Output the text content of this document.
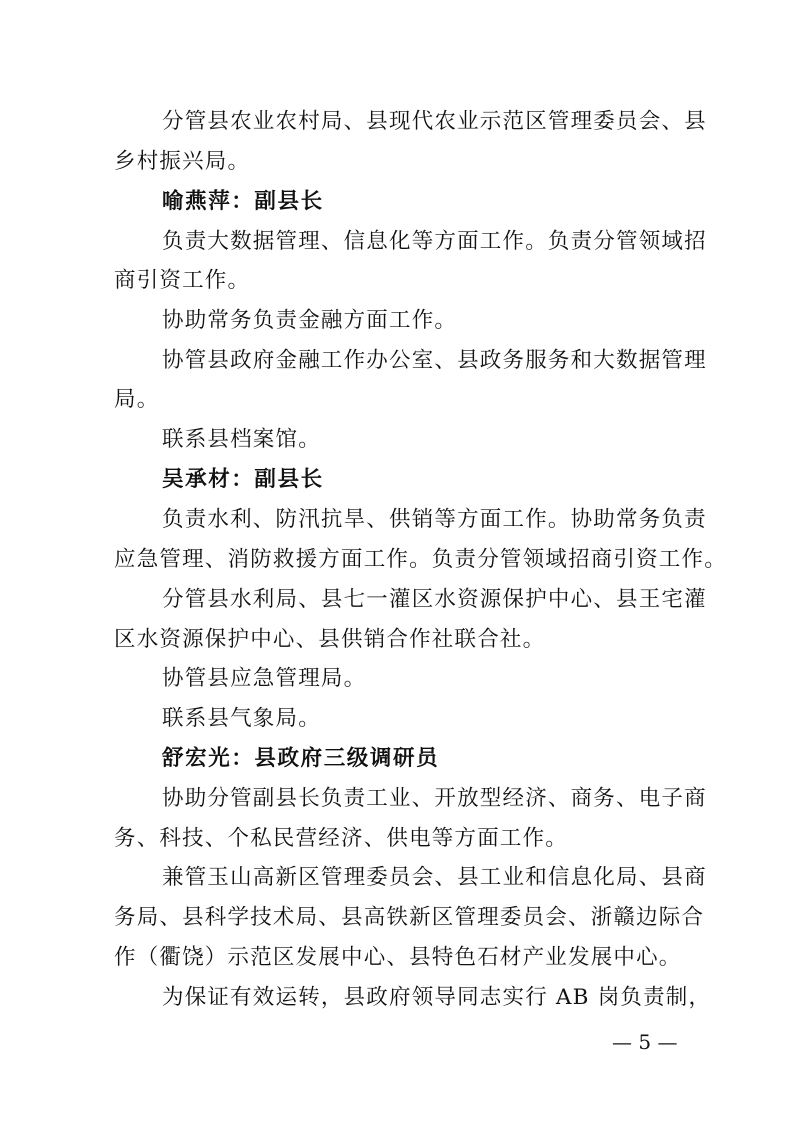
分管县农业农村局、县现代农业示范区管理委员会、县
乡村振兴局。
喻燕萍：副县长
负责大数据管理、信息化等方面工作。负责分管领域招
商引资工作。
协助常务负责金融方面工作。
协管县政府金融工作办公室、县政务服务和大数据管理
局。
联系县档案馆。
吴承材：副县长
负责水利、防汛抗旱、供销等方面工作。协助常务负责
应急管理、消防救援方面工作。负责分管领域招商引资工作。
分管县水利局、县七一灌区水资源保护中心、县王宅灌
区水资源保护中心、县供销合作社联合社。
协管县应急管理局。
联系县气象局。
舒宏光：县政府三级调研员
协助分管副县长负责工业、开放型经济、商务、电子商
务、科技、个私民营经济、供电等方面工作。
兼管玉山高新区管理委员会、县工业和信息化局、县商
务局、县科学技术局、县高铁新区管理委员会、浙赣边际合
作（衢饶）示范区发展中心、县特色石材产业发展中心。
为保证有效运转，县政府领导同志实行 AB 岗负责制，
— 5 —
